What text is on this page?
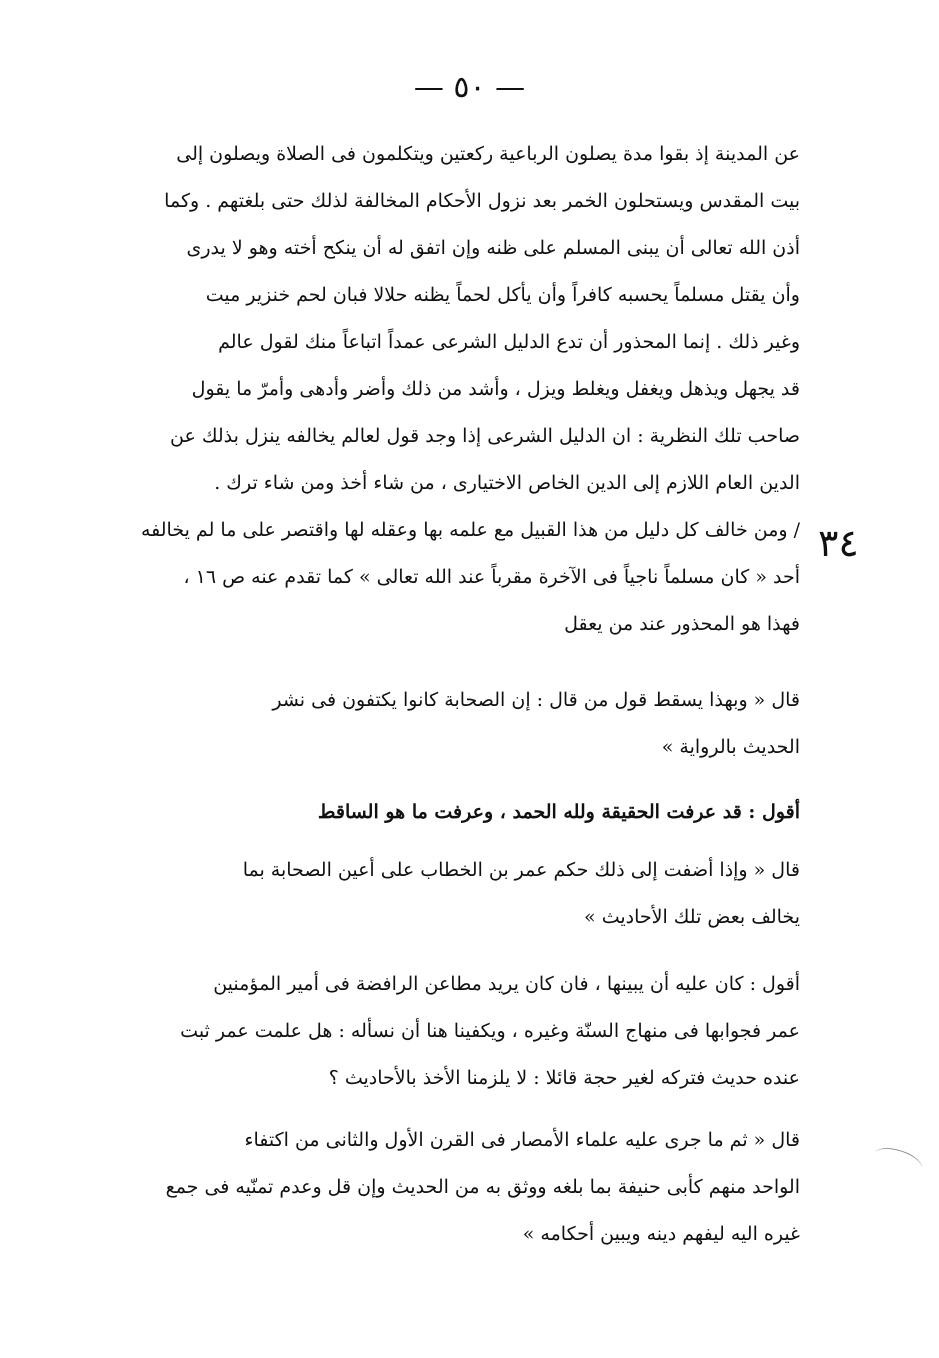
— ٥٠ —
٣٤
عن المدينة إذ بقوا مدة يصلون الرباعية ركعتين ويتكلمون فى الصلاة ويصلون إلى
بيت المقدس ويستحلون الخمر بعد نزول الأحكام المخالفة لذلك حتى بلغتهم . وكما
أذن الله تعالى أن يبنى المسلم على ظنه وإن اتفق له أن ينكح أخته وهو لا يدرى
وأن يقتل مسلماً يحسبه كافراً وأن يأكل لحماً يظنه حلالا فبان لحم خنزير ميت
وغير ذلك . إنما المحذور أن تدع الدليل الشرعى عمداً اتباعاً منك لقول عالم
قد يجهل ويذهل ويغفل ويغلط ويزل ، وأشد من ذلك وأضر وأدهى وأمرّ ما يقول
صاحب تلك النظرية : ان الدليل الشرعى إذا وجد قول لعالم يخالفه ينزل بذلك عن
الدين العام اللازم إلى الدين الخاص الاختيارى ، من شاء أخذ ومن شاء ترك .
/ ومن خالف كل دليل من هذا القبيل مع علمه بها وعقله لها واقتصر على ما لم يخالفه
أحد « كان مسلماً ناجياً فى الآخرة مقرباً عند الله تعالى » كما تقدم عنه ص ١٦ ،
فهذا هو المحذور عند من يعقل
قال « وبهذا يسقط قول من قال : إن الصحابة كانوا يكتفون فى نشر
الحديث بالرواية »
أقول : قد عرفت الحقيقة ولله الحمد ، وعرفت ما هو الساقط
قال « وإذا أضفت إلى ذلك حكم عمر بن الخطاب على أعين الصحابة بما
يخالف بعض تلك الأحاديث »
أقول : كان عليه أن يبينها ، فان كان يريد مطاعن الرافضة فى أمير المؤمنين
عمر فجوابها فى منهاج السنّة وغيره ، ويكفينا هنا أن نسأله : هل علمت عمر ثبت
عنده حديث فتركه لغير حجة قائلا : لا يلزمنا الأخذ بالأحاديث ؟
قال « ثم ما جرى عليه علماء الأمصار فى القرن الأول والثانى من اكتفاء
الواحد منهم كأبى حنيفة بما بلغه ووثق به من الحديث وإن قل وعدم تمنّيه فى جمع
غيره اليه ليفهم دينه ويبين أحكامه »
